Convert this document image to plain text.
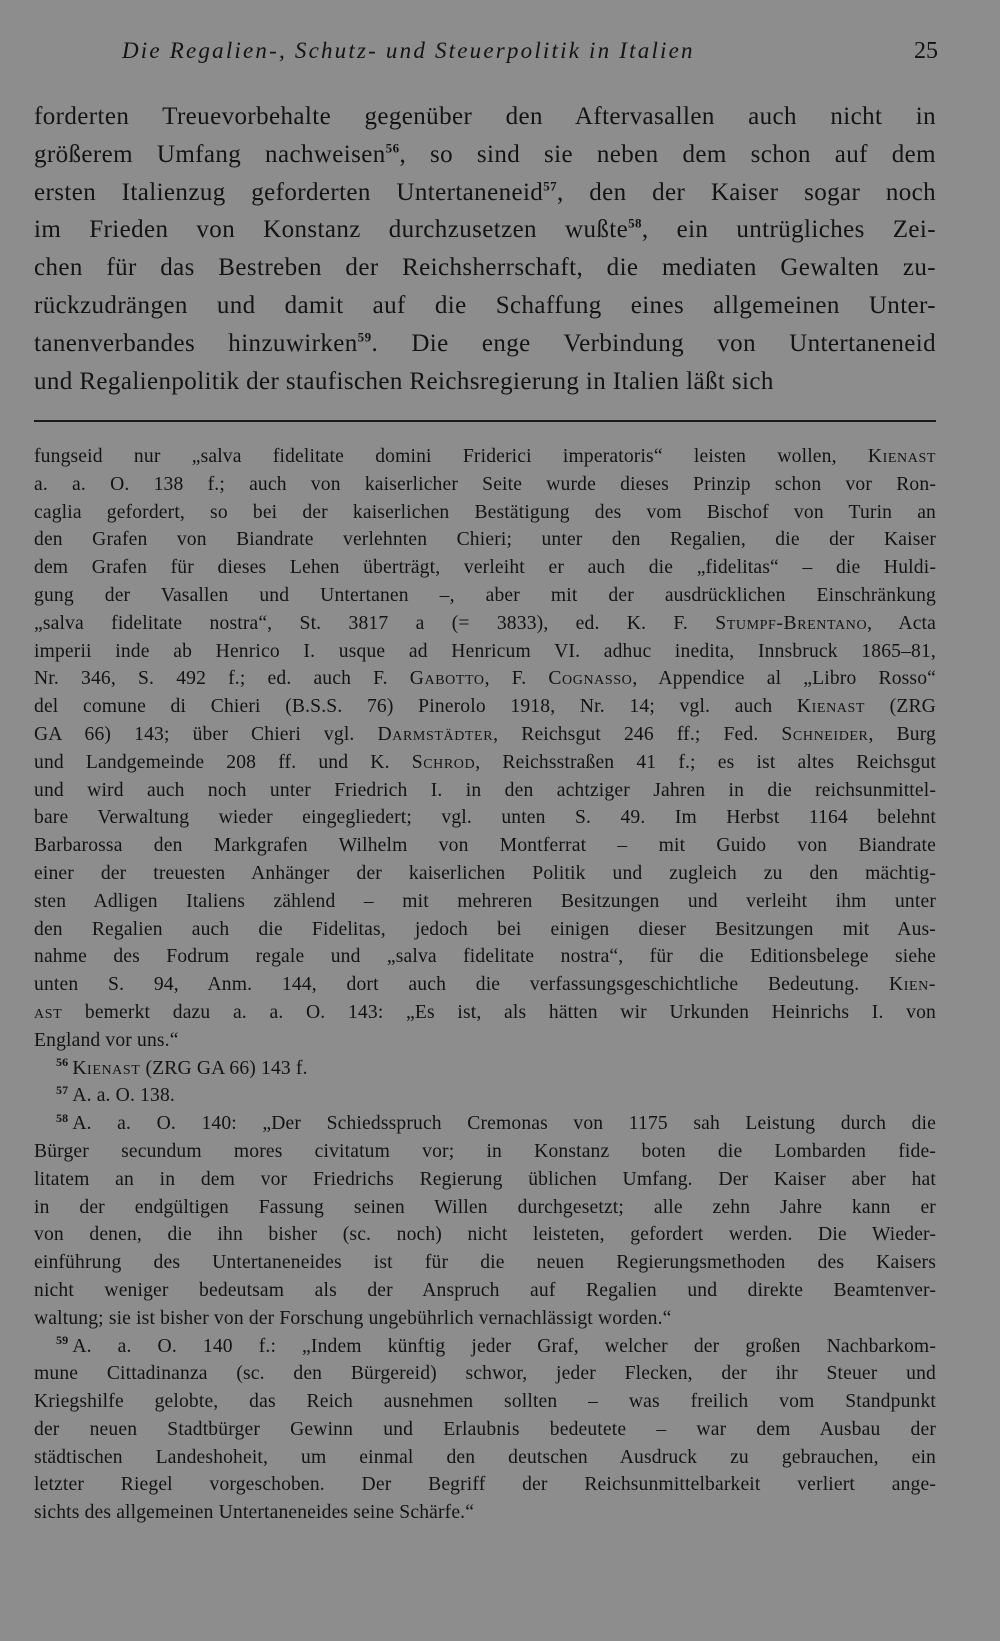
Die Regalien-, Schutz- und Steuerpolitik in Italien	25
forderten Treuevorbehalte gegenüber den Aftervasallen auch nicht in
größerem Umfang nachweisen$^{56}$, so sind sie neben dem schon auf dem
ersten Italienzug geforderten Untertaneneid$^{57}$, den der Kaiser sogar noch
im Frieden von Konstanz durchzusetzen wußte$^{58}$, ein untrügliches Zei-
chen für das Bestreben der Reichsherrschaft, die mediaten Gewalten zu-
rückzudrängen und damit auf die Schaffung eines allgemeinen Unter-
tanenverbandes hinzuwirken$^{59}$. Die enge Verbindung von Untertaneneid
und Regalienpolitik der staufischen Reichsregierung in Italien läßt sich
fungseid nur „salva fidelitate domini Friderici imperatoris“ leisten wollen, Kienast
a. a. O. 138 f.; auch von kaiserlicher Seite wurde dieses Prinzip schon vor Ron-
caglia gefordert, so bei der kaiserlichen Bestätigung des vom Bischof von Turin an
den Grafen von Biandrate verlehnten Chieri; unter den Regalien, die der Kaiser
dem Grafen für dieses Lehen überträgt, verleiht er auch die „fidelitas“ – die Huldi-
gung der Vasallen und Untertanen –, aber mit der ausdrücklichen Einschränkung
„salva fidelitate nostra“, St. 3817 a (= 3833), ed. K. F. Stumpf-Brentano, Acta
imperii inde ab Henrico I. usque ad Henricum VI. adhuc inedita, Innsbruck 1865–81,
Nr. 346, S. 492 f.; ed. auch F. Gabotto, F. Cognasso, Appendice al „Libro Rosso“
del comune di Chieri (B.S.S. 76) Pinerolo 1918, Nr. 14; vgl. auch Kienast (ZRG
GA 66) 143; über Chieri vgl. Darmstädter, Reichsgut 246 ff.; Fed. Schneider, Burg
und Landgemeinde 208 ff. und K. Schrod, Reichsstraßen 41 f.; es ist altes Reichsgut
und wird auch noch unter Friedrich I. in den achtziger Jahren in die reichsunmittel-
bare Verwaltung wieder eingegliedert; vgl. unten S. 49. Im Herbst 1164 belehnt
Barbarossa den Markgrafen Wilhelm von Montferrat – mit Guido von Biandrate
einer der treuesten Anhänger der kaiserlichen Politik und zugleich zu den mächtig-
sten Adligen Italiens zählend – mit mehreren Besitzungen und verleiht ihm unter
den Regalien auch die Fidelitas, jedoch bei einigen dieser Besitzungen mit Aus-
nahme des Fodrum regale und „salva fidelitate nostra“, für die Editionsbelege siehe
unten S. 94, Anm. 144, dort auch die verfassungsgeschichtliche Bedeutung. Kien-
ast bemerkt dazu a. a. O. 143: „Es ist, als hätten wir Urkunden Heinrichs I. von
England vor uns.“
$^{56}$ Kienast (ZRG GA 66) 143 f.
$^{57}$ A. a. O. 138.
$^{58}$ A. a. O. 140: „Der Schiedsspruch Cremonas von 1175 sah Leistung durch die
Bürger secundum mores civitatum vor; in Konstanz boten die Lombarden fide-
litatem an in dem vor Friedrichs Regierung üblichen Umfang. Der Kaiser aber hat
in der endgültigen Fassung seinen Willen durchgesetzt; alle zehn Jahre kann er
von denen, die ihn bisher (sc. noch) nicht leisteten, gefordert werden. Die Wieder-
einführung des Untertaneneides ist für die neuen Regierungsmethoden des Kaisers
nicht weniger bedeutsam als der Anspruch auf Regalien und direkte Beamtenver-
waltung; sie ist bisher von der Forschung ungebührlich vernachlässigt worden.“
$^{59}$ A. a. O. 140 f.: „Indem künftig jeder Graf, welcher der großen Nachbarkom-
mune Cittadinanza (sc. den Bürgereid) schwor, jeder Flecken, der ihr Steuer und
Kriegshilfe gelobte, das Reich ausnehmen sollten – was freilich vom Standpunkt
der neuen Stadtbürger Gewinn und Erlaubnis bedeutete – war dem Ausbau der
städtischen Landeshoheit, um einmal den deutschen Ausdruck zu gebrauchen, ein
letzter Riegel vorgeschoben. Der Begriff der Reichsunmittelbarkeit verliert ange-
sichts des allgemeinen Untertaneneides seine Schärfe.“
